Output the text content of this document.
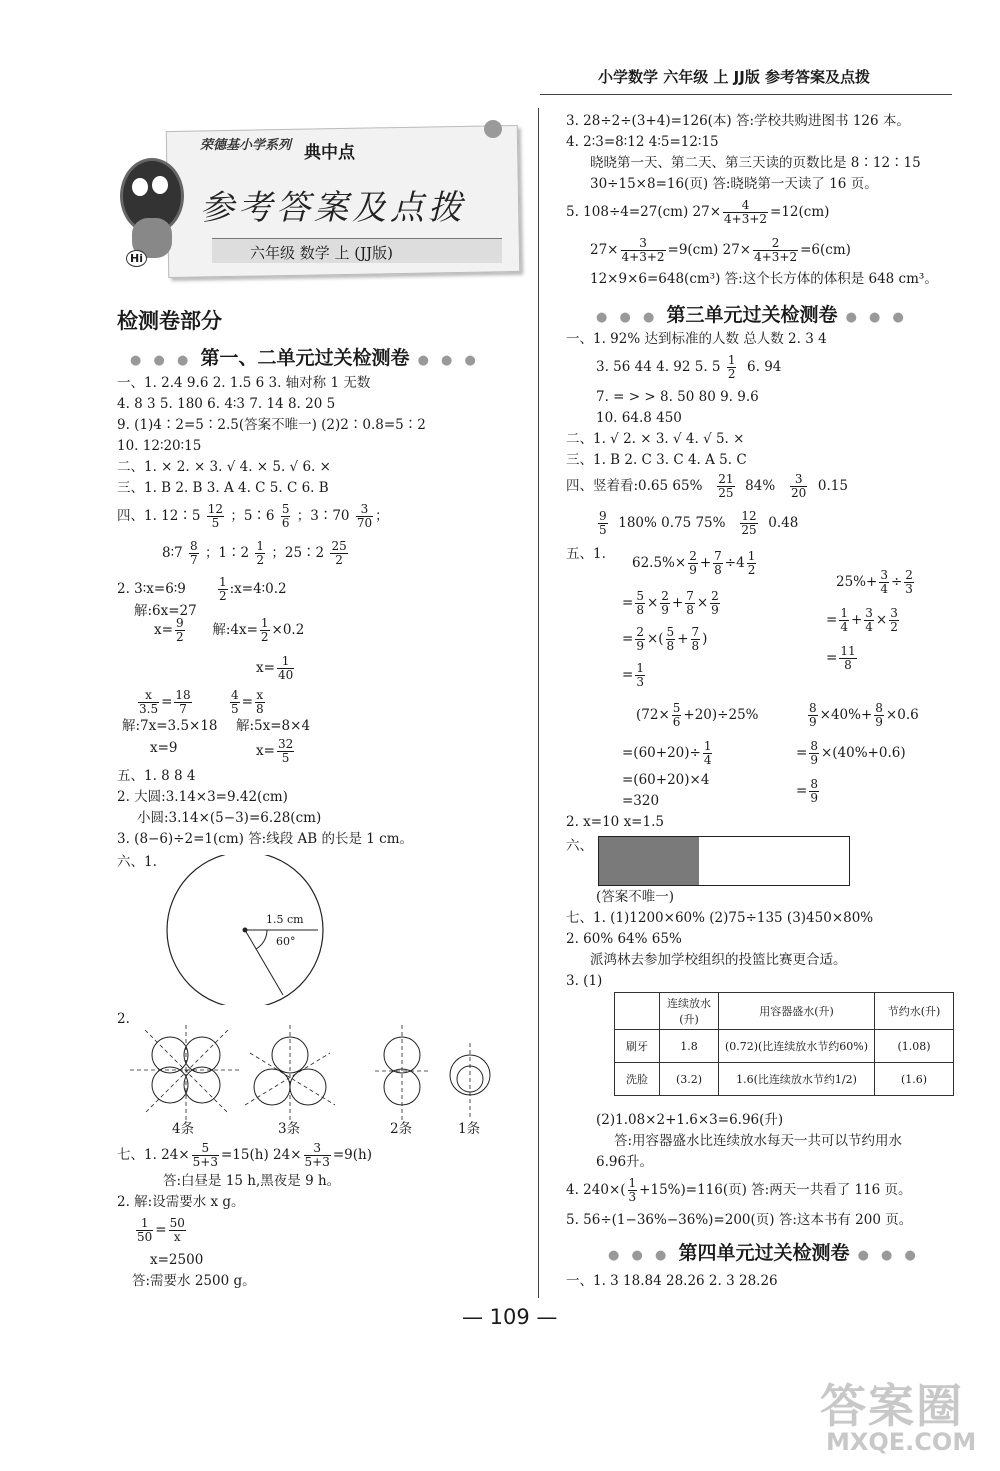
小学数学 六年级 上 JJ版 参考答案及点拨
Hi
荣德基小学系列 典中点
参考答案及点拨
六年级 数学 上 (JJ版)
检测卷部分
● ● ● 第一、二单元过关检测卷 ● ● ●
一、1. 2.4 9.6 2. 1.5 6 3. 轴对称 1 无数
4. 8 3 5. 180 6. 4∶3 7. 14 8. 20 5
9. (1)4∶2=5∶2.5(答案不唯一) (2)2∶0.8=5∶2
10. 12∶20∶15
二、1. × 2. × 3. √ 4. × 5. √ 6. ×
三、1. B 2. B 3. A 4. C 5. C 6. B
四、1. 12∶5 $\frac{12}{5}$ ；5∶6 $\frac{5}{6}$ ；3∶70 $\frac{3}{70}$ ；
8∶7 $\frac{8}{7}$ ；1∶2 $\frac{1}{2}$ ；25∶2 $\frac{25}{2}$
2. 3∶x=6∶9	$\frac{1}{2}$ :x=4∶0.2
解:6x=27
$x= \frac{9}{2}$ 解:4x= $\frac{1}{2} \times 0.2$
$x= \frac{1}{40}$
$\frac{x}{3.5} = \frac{18}{7}$
	$\frac{4}{5} = \frac{x}{8}$
解:7x=3.5×18 解:5x=8×4
x=9	$x= \frac{32}{5}$
五、1. 8 8 4
2. 大圆:3.14×3=9.42(cm)
小圆:3.14×(5−3)=6.28(cm)
3. (8−6)÷2=1(cm) 答:线段 AB 的长是 1 cm。
六、1.
1.5 cm
60°
2.
4条	3条	2条	1条
七、1. $24\times \frac{5}{5+3} =15(h)$ $24\times \frac{3}{5+3} =9(h)$
答:白昼是 15 h,黑夜是 9 h。
2. 解:设需要水 x g。
$\frac{1}{50} = \frac{50}{x}$
x=2500
答:需要水 2500 g。
3. 28÷2÷(3+4)=126(本) 答:学校共购进图书 126 本。
4. 2∶3=8∶12 4∶5=12∶15
晓晓第一天、第二天、第三天读的页数比是 8∶12∶15
30÷15×8=16(页) 答:晓晓第一天读了 16 页。
5. 108÷4=27(cm) $27\times \frac{4}{4+3+2} =12(cm)$
$27\times \frac{3}{4+3+2} =9(cm)$ $27\times \frac{2}{4+3+2} =6(cm)$
12×9×6=648(cm³) 答:这个长方体的体积是 648 cm³。
● ● ● 第三单元过关检测卷 ● ● ●
一、1. 92% 达到标准的人数 总人数 2. 3 4
3. 56 44 4. 92 5. $5 \frac{1}{2} 6$. 94
7. = > > 8. 50 80 9. 9.6
10. 64.8 450
二、1. √ 2. × 3. √ 4. √ 5. ×
三、1. B 2. C 3. C 4. A 5. C
四、竖着看:0.65 $65\% \frac{21}{25} 84\% \frac{3}{20} 0.15$
$\frac{9}{5} 180\%$ 0.75 $75\% \frac{12}{25} 0.48$
五、1.
$62.5\%\times \frac{2}{9} + \frac{7}{8} \div 4 \frac{1}{2}$
= $\frac{5}{8} \times \frac{2}{9} + \frac{7}{8} \times \frac{2}{9}$
= $\frac{2}{9}$ ×( $\frac{5}{8} + \frac{7}{8}$ )
= $\frac{1}{3}$
$25\%+ \frac{3}{4} \div \frac{2}{3}$
= $\frac{1}{4} + \frac{3}{4} \times \frac{3}{2}$
= $\frac{11}{8}$
$(72\times \frac{5}{6} +20)\div 25\%$
$=(60+20)\div \frac{1}{4}$
=(60+20)×4
=320
$\frac{8}{9} \times 40\%+ \frac{8}{9} \times 0.6$
= $\frac{8}{9} \times(40\%+0.6)$
= $\frac{8}{9}$
2. x=10 x=1.5
六、
(答案不唯一)
七、1. (1)1200×60% (2)75÷135 (3)450×80%
2. 60% 64% 65%
派鸿林去参加学校组织的投篮比赛更合适。
3. (1)
	连续放水(升)	用容器盛水(升)	节约水(升)
刷牙	1.8	(0.72)(比连续放水节约60%)	(1.08)
洗脸	(3.2)	1.6(比连续放水节约1/2)	(1.6)
(2)1.08×2+1.6×3=6.96(升)
答:用容器盛水比连续放水每天一共可以节约用水
6.96升。
4. $240\times( \frac{1}{3} +15\%)=116$(页) 答:两天一共看了 116 页。
5. 56÷(1−36%−36%)=200(页) 答:这本书有 200 页。
● ● ● 第四单元过关检测卷 ● ● ●
一、1. 3 18.84 28.26 2. 3 28.26
— 109 —
答案圈
MXQE.COM
